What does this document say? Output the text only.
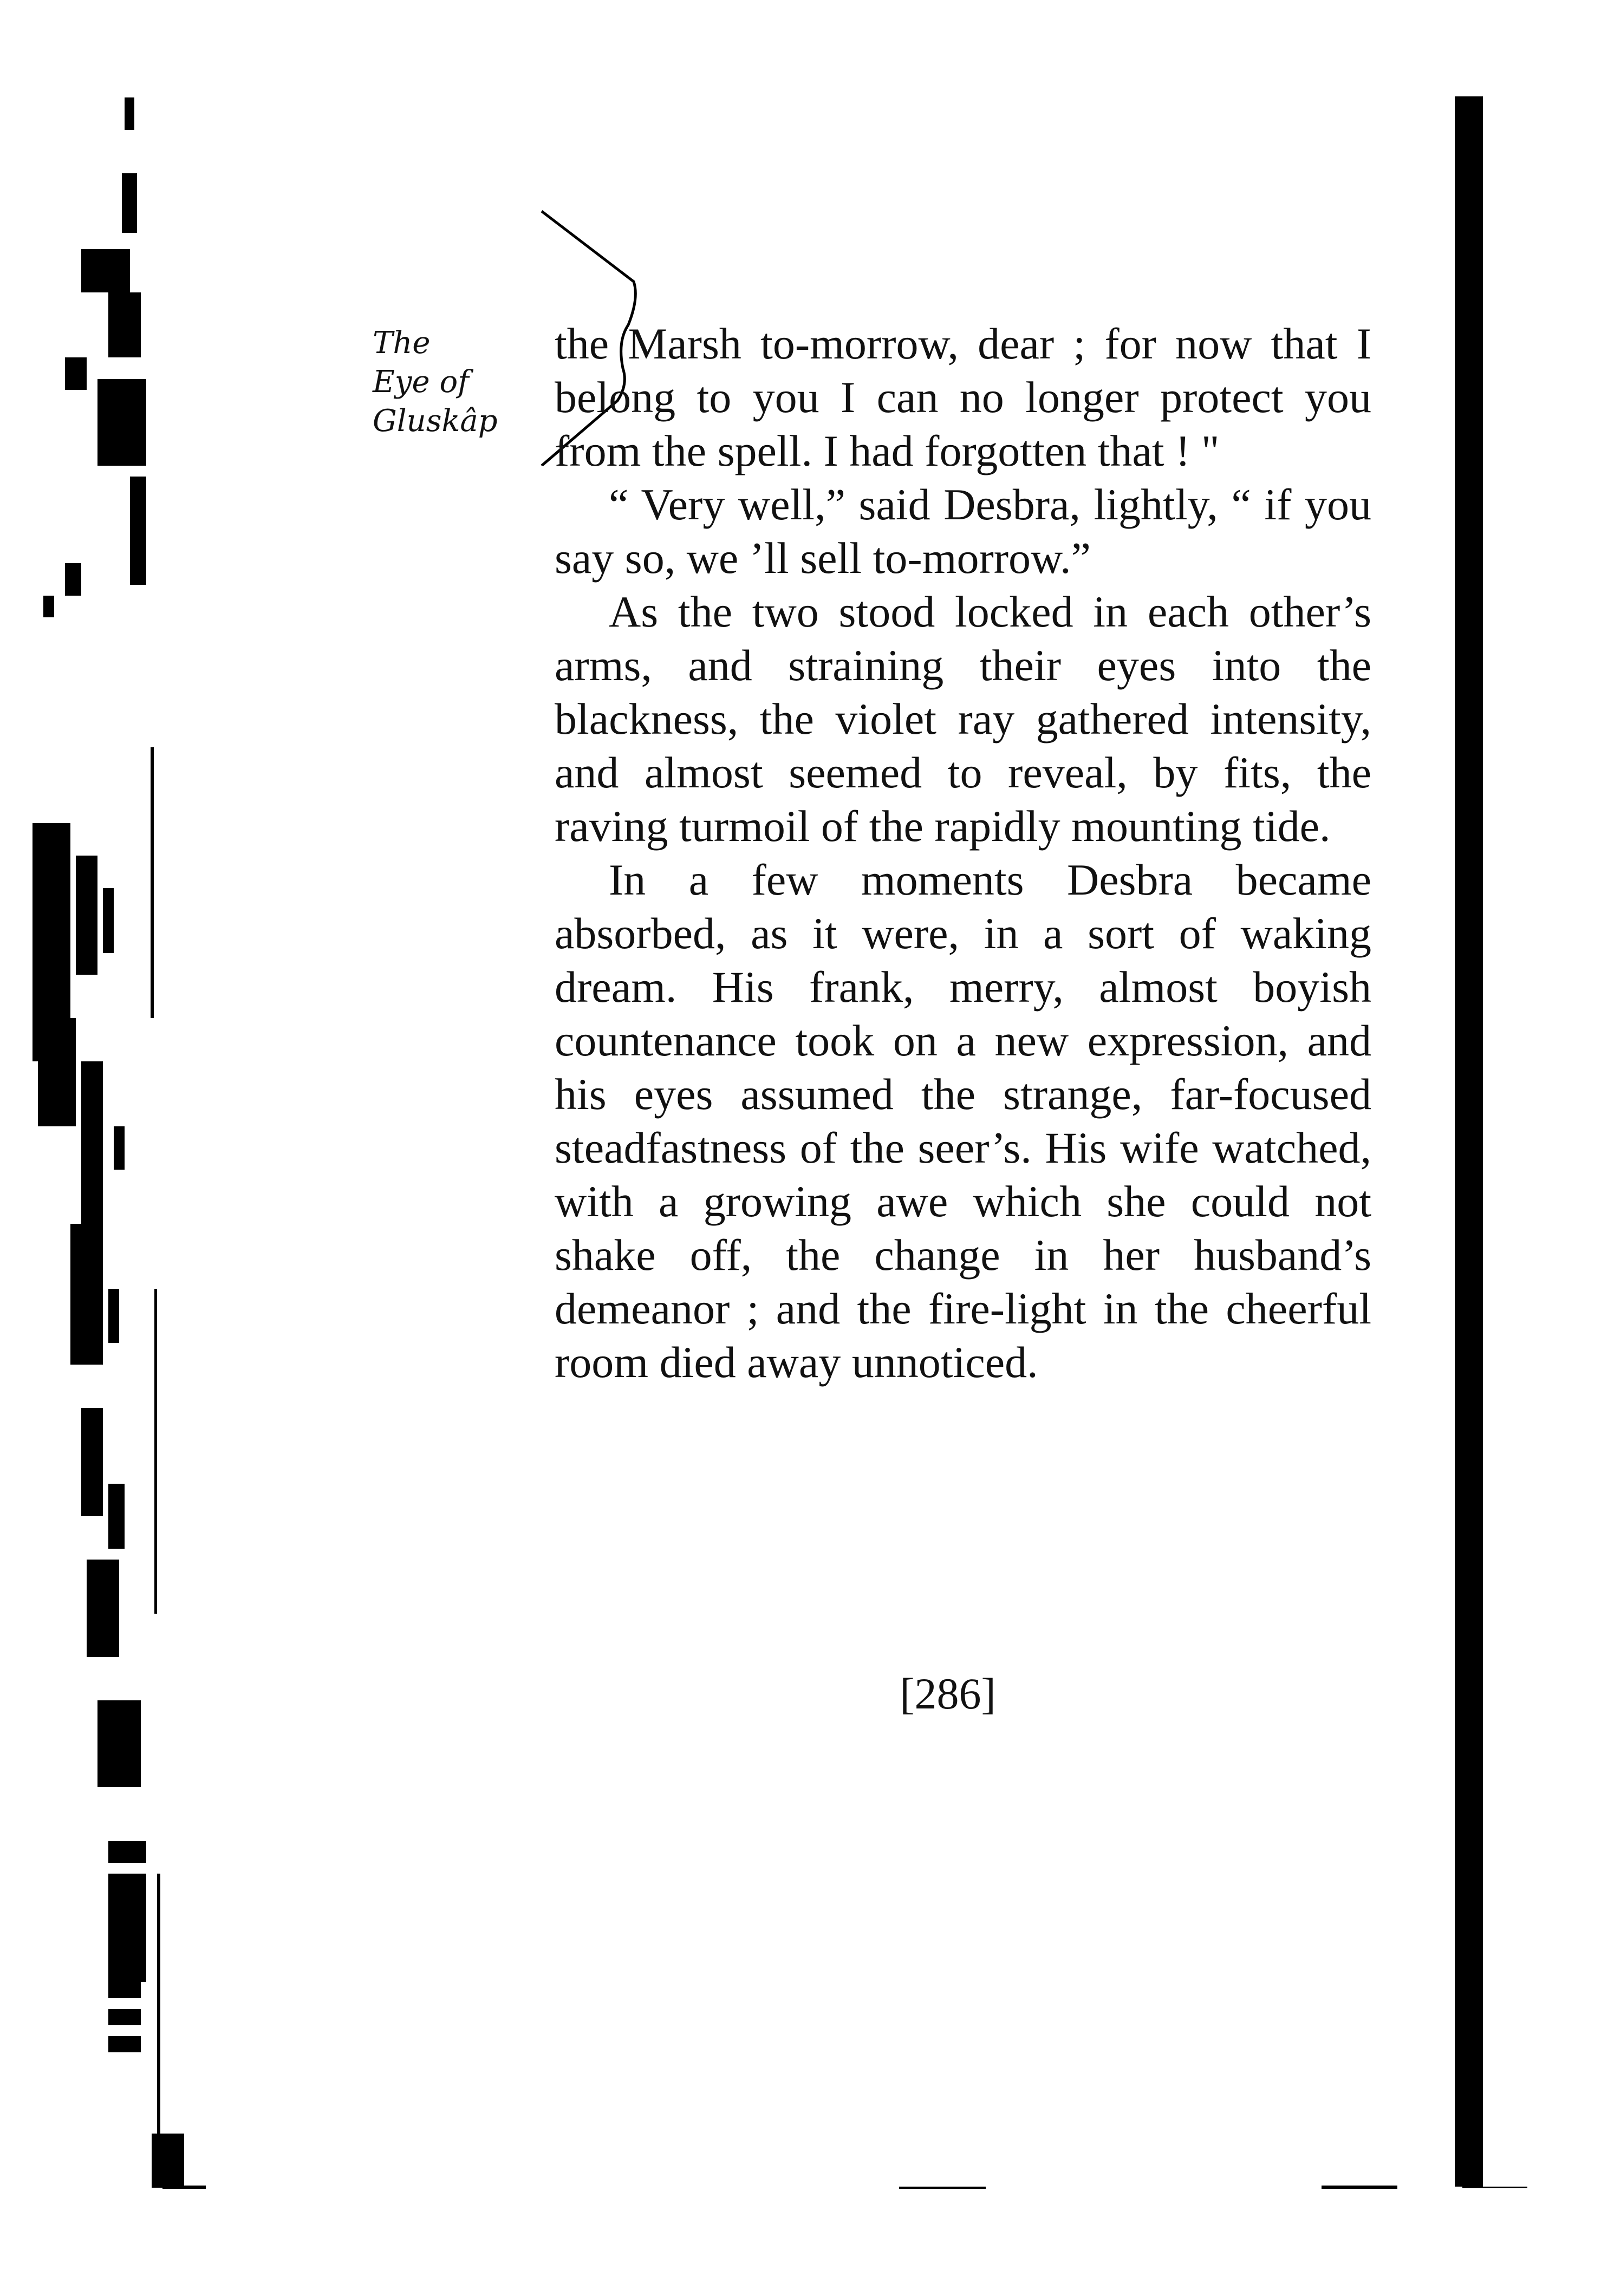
The
Eye of
Gluskâp

the Marsh to-morrow, dear ; for now that I belong to you I can no longer protect you from the spell. I had forgotten that ! "

“ Very well,” said Desbra, lightly, “ if you say so, we ’ll sell to-morrow.”

As the two stood locked in each other’s arms, and straining their eyes into the blackness, the violet ray gathered intensity, and almost seemed to reveal, by fits, the raving turmoil of the rapidly mounting tide.

In a few moments Desbra became absorbed, as it were, in a sort of waking dream. His frank, merry, almost boyish countenance took on a new expression, and his eyes assumed the strange, far-focused steadfastness of the seer’s. His wife watched, with a growing awe which she could not shake off, the change in her husband’s demeanor ; and the fire-light in the cheerful room died away unnoticed.

[286]
